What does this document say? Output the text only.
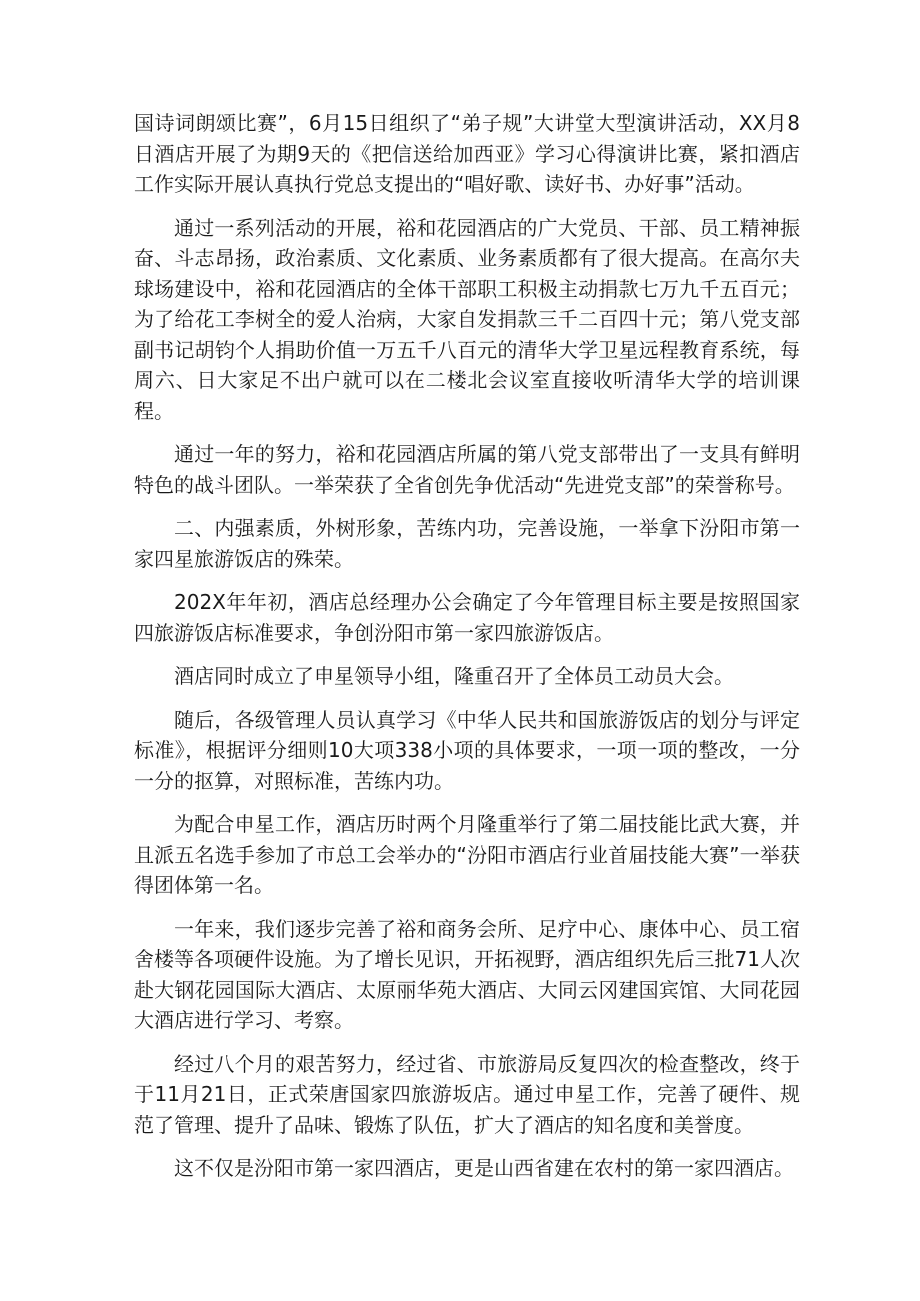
国诗词朗颂比赛”，6月15日组织了“弟子规”大讲堂大型演讲活动，XX月8日酒店开展了为期9天的《把信送给加西亚》学习心得演讲比赛，紧扣酒店工作实际开展认真执行党总支提出的“唱好歌、读好书、办好事”活动。

通过一系列活动的开展，裕和花园酒店的广大党员、干部、员工精神振奋、斗志昂扬，政治素质、文化素质、业务素质都有了很大提高。在高尔夫球场建设中，裕和花园酒店的全体干部职工积极主动捐款七万九千五百元；为了给花工李树全的爱人治病，大家自发捐款三千二百四十元；第八党支部副书记胡钧个人捐助价值一万五千八百元的清华大学卫星远程教育系统，每周六、日大家足不出户就可以在二楼北会议室直接收听清华大学的培训课程。

通过一年的努力，裕和花园酒店所属的第八党支部带出了一支具有鲜明特色的战斗团队。一举荣获了全省创先争优活动“先进党支部”的荣誉称号。

二、内强素质，外树形象，苦练内功，完善设施，一举拿下汾阳市第一家四星旅游饭店的殊荣。

202X年年初，酒店总经理办公会确定了今年管理目标主要是按照国家四旅游饭店标准要求，争创汾阳市第一家四旅游饭店。

酒店同时成立了申星领导小组，隆重召开了全体员工动员大会。

随后，各级管理人员认真学习《中华人民共和国旅游饭店的划分与评定标准》，根据评分细则10大项338小项的具体要求，一项一项的整改，一分一分的抠算，对照标准，苦练内功。

为配合申星工作，酒店历时两个月隆重举行了第二届技能比武大赛，并且派五名选手参加了市总工会举办的“汾阳市酒店行业首届技能大赛”一举获得团体第一名。

一年来，我们逐步完善了裕和商务会所、足疗中心、康体中心、员工宿舍楼等各项硬件设施。为了增长见识，开拓视野，酒店组织先后三批71人次赴大钢花园国际大酒店、太原丽华苑大酒店、大同云冈建国宾馆、大同花园大酒店进行学习、考察。

经过八个月的艰苦努力，经过省、市旅游局反复四次的检查整改，终于于11月21日，正式荣唐国家四旅游坂店。通过申星工作，完善了硬件、规范了管理、提升了品味、锻炼了队伍，扩大了酒店的知名度和美誉度。

这不仅是汾阳市第一家四酒店，更是山西省建在农村的第一家四酒店。
